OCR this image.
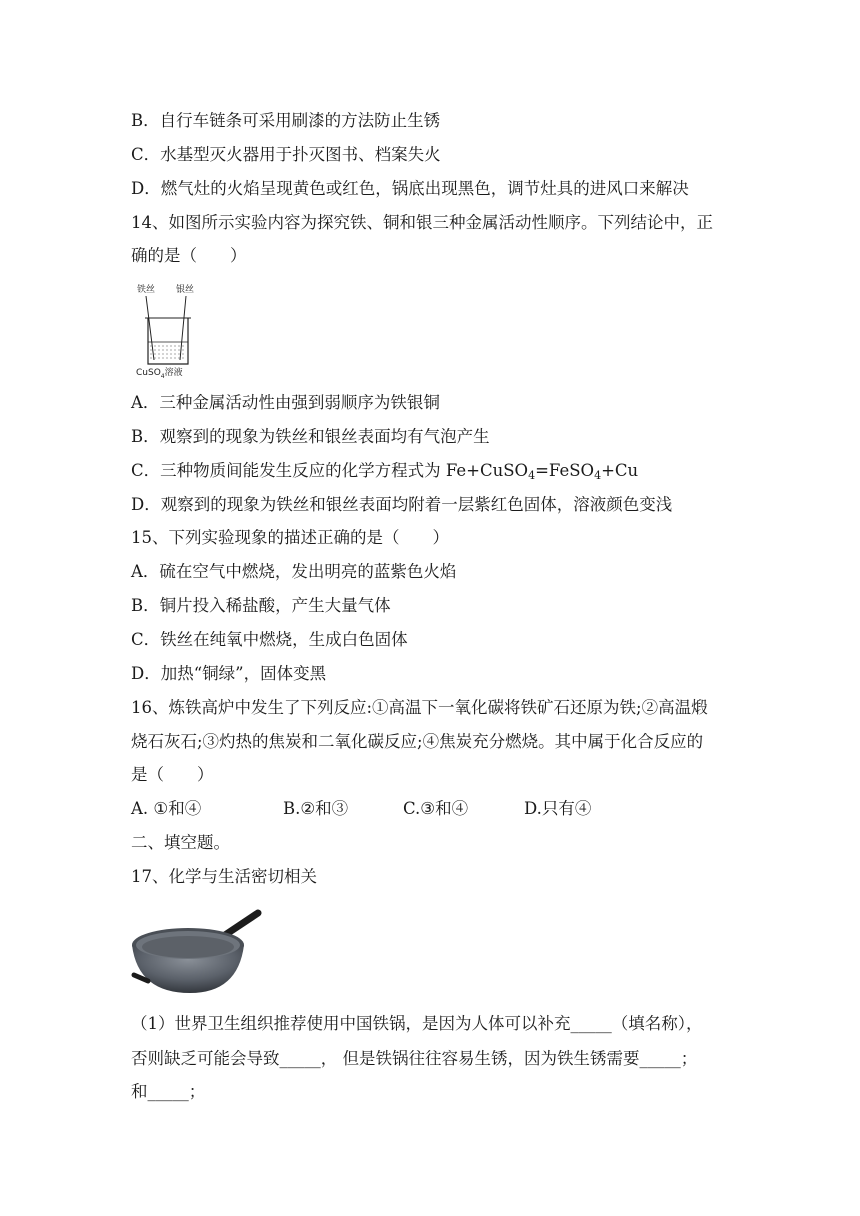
B．自行车链条可采用刷漆的方法防止生锈
C．水基型灭火器用于扑灭图书、档案失火
D．燃气灶的火焰呈现黄色或红色，锅底出现黑色，调节灶具的进风口来解决
14、如图所示实验内容为探究铁、铜和银三种金属活动性顺序。下列结论中，正
确的是（　　）
铁丝 银丝
CuSO$_4$溶液
A．三种金属活动性由强到弱顺序为铁银铜
B．观察到的现象为铁丝和银丝表面均有气泡产生
C．三种物质间能发生反应的化学方程式为 Fe+CuSO$_4$=FeSO$_4$+Cu
D．观察到的现象为铁丝和银丝表面均附着一层紫红色固体，溶液颜色变浅
15、下列实验现象的描述正确的是（　　）
A．硫在空气中燃烧，发出明亮的蓝紫色火焰
B．铜片投入稀盐酸，产生大量气体
C．铁丝在纯氧中燃烧，生成白色固体
D．加热“铜绿”，固体变黑
16、炼铁高炉中发生了下列反应:①高温下一氧化碳将铁矿石还原为铁;②高温煅
烧石灰石;③灼热的焦炭和二氧化碳反应;④焦炭充分燃烧。其中属于化合反应的
是（　　）
A. ①和④	B.②和③	C.③和④	D.只有④
二、填空题。
17、化学与生活密切相关
（1）世界卫生组织推荐使用中国铁锅，是因为人体可以补充_____（填名称），
否则缺乏可能会导致_____， 但是铁锅往往容易生锈，因为铁生锈需要_____；
和_____；
